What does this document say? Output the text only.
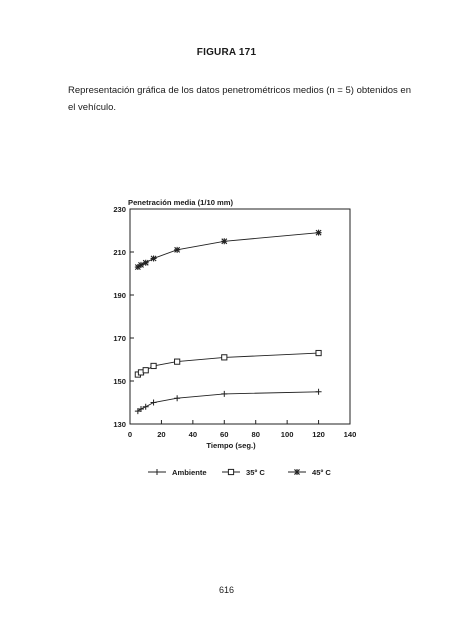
FIGURA 171
Representación gráfica de los datos penetrométricos medios (n = 5) obtenidos en el vehículo.
130
150
170
190
210
230
0	20	40	60	80	100 120 140
Penetración media (1/10 mm)
Tiempo (seg.)
Ambiente	35º C	45º C
616
